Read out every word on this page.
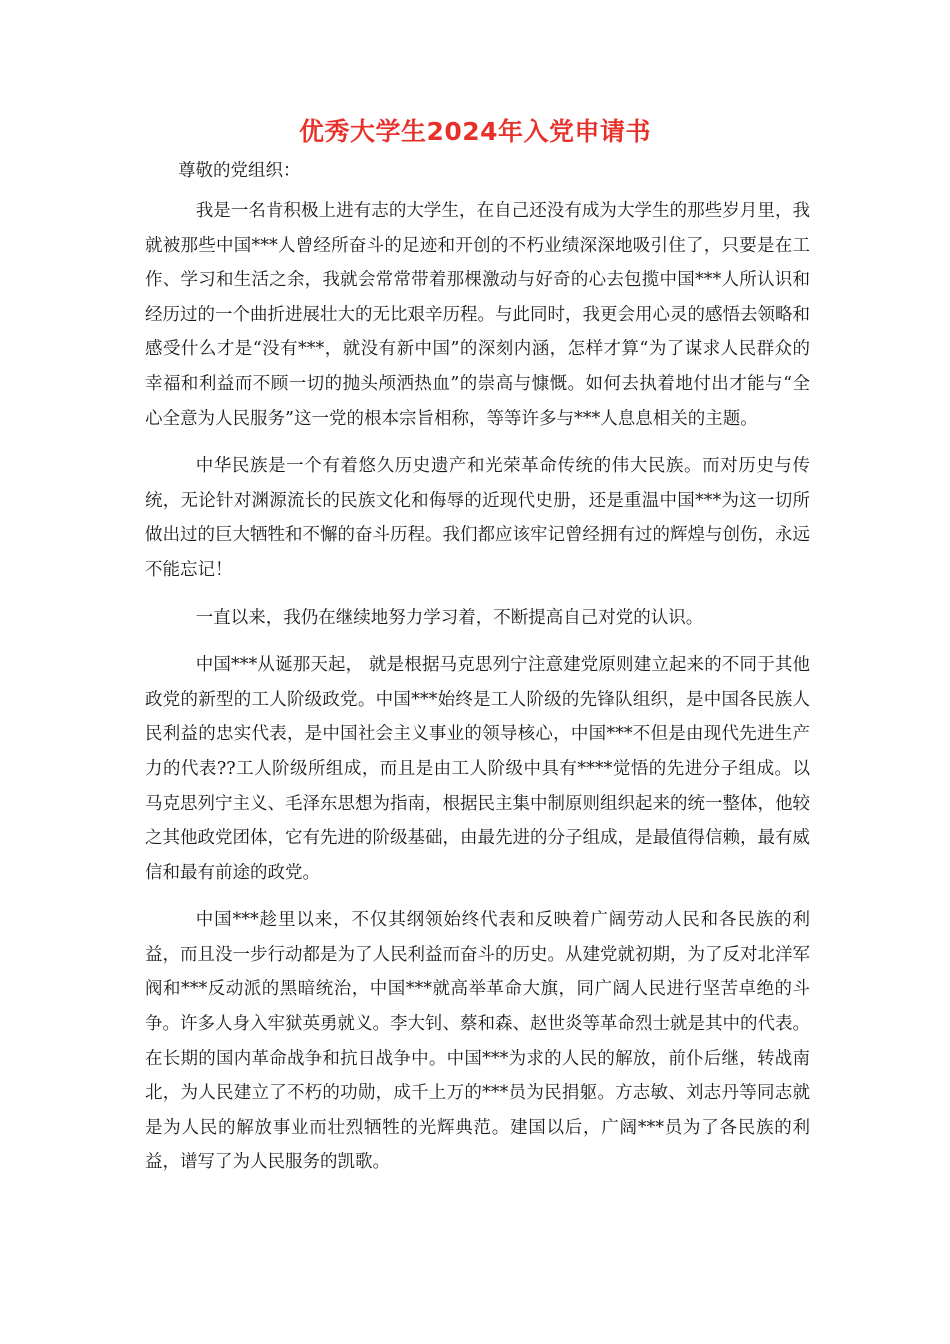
优秀大学生2024年入党申请书
尊敬的党组织：

我是一名肯积极上进有志的大学生，在自己还没有成为大学生的那些岁月里，我就被那些中国***人曾经所奋斗的足迹和开创的不朽业绩深深地吸引住了，只要是在工作、学习和生活之余，我就会常常带着那棵激动与好奇的心去包揽中国***人所认识和经历过的一个曲折进展壮大的无比艰辛历程。与此同时，我更会用心灵的感悟去领略和感受什么才是“没有***，就没有新中国”的深刻内涵，怎样才算“为了谋求人民群众的幸福和利益而不顾一切的抛头颅洒热血”的崇高与慷慨。如何去执着地付出才能与“全心全意为人民服务”这一党的根本宗旨相称，等等许多与***人息息相关的主题。

中华民族是一个有着悠久历史遗产和光荣革命传统的伟大民族。而对历史与传统，无论针对渊源流长的民族文化和侮辱的近现代史册，还是重温中国***为这一切所做出过的巨大牺牲和不懈的奋斗历程。我们都应该牢记曾经拥有过的辉煌与创伤，永远不能忘记！

一直以来，我仍在继续地努力学习着，不断提高自己对党的认识。

中国***从诞那天起， 就是根据马克思列宁注意建党原则建立起来的不同于其他政党的新型的工人阶级政党。中国***始终是工人阶级的先锋队组织，是中国各民族人民利益的忠实代表，是中国社会主义事业的领导核心，中国***不但是由现代先进生产力的代表??工人阶级所组成，而且是由工人阶级中具有****觉悟的先进分子组成。以马克思列宁主义、毛泽东思想为指南，根据民主集中制原则组织起来的统一整体，他较之其他政党团体，它有先进的阶级基础，由最先进的分子组成，是最值得信赖，最有威信和最有前途的政党。

中国***趁里以来，不仅其纲领始终代表和反映着广阔劳动人民和各民族的利益，而且没一步行动都是为了人民利益而奋斗的历史。从建党就初期，为了反对北洋军阀和***反动派的黑暗统治，中国***就高举革命大旗，同广阔人民进行坚苦卓绝的斗争。许多人身入牢狱英勇就义。李大钊、蔡和森、赵世炎等革命烈士就是其中的代表。在长期的国内革命战争和抗日战争中。中国***为求的人民的解放，前仆后继，转战南北，为人民建立了不朽的功勋，成千上万的***员为民捐躯。方志敏、刘志丹等同志就是为人民的解放事业而壮烈牺牲的光辉典范。建国以后，广阔***员为了各民族的利益，谱写了为人民服务的凯歌。
